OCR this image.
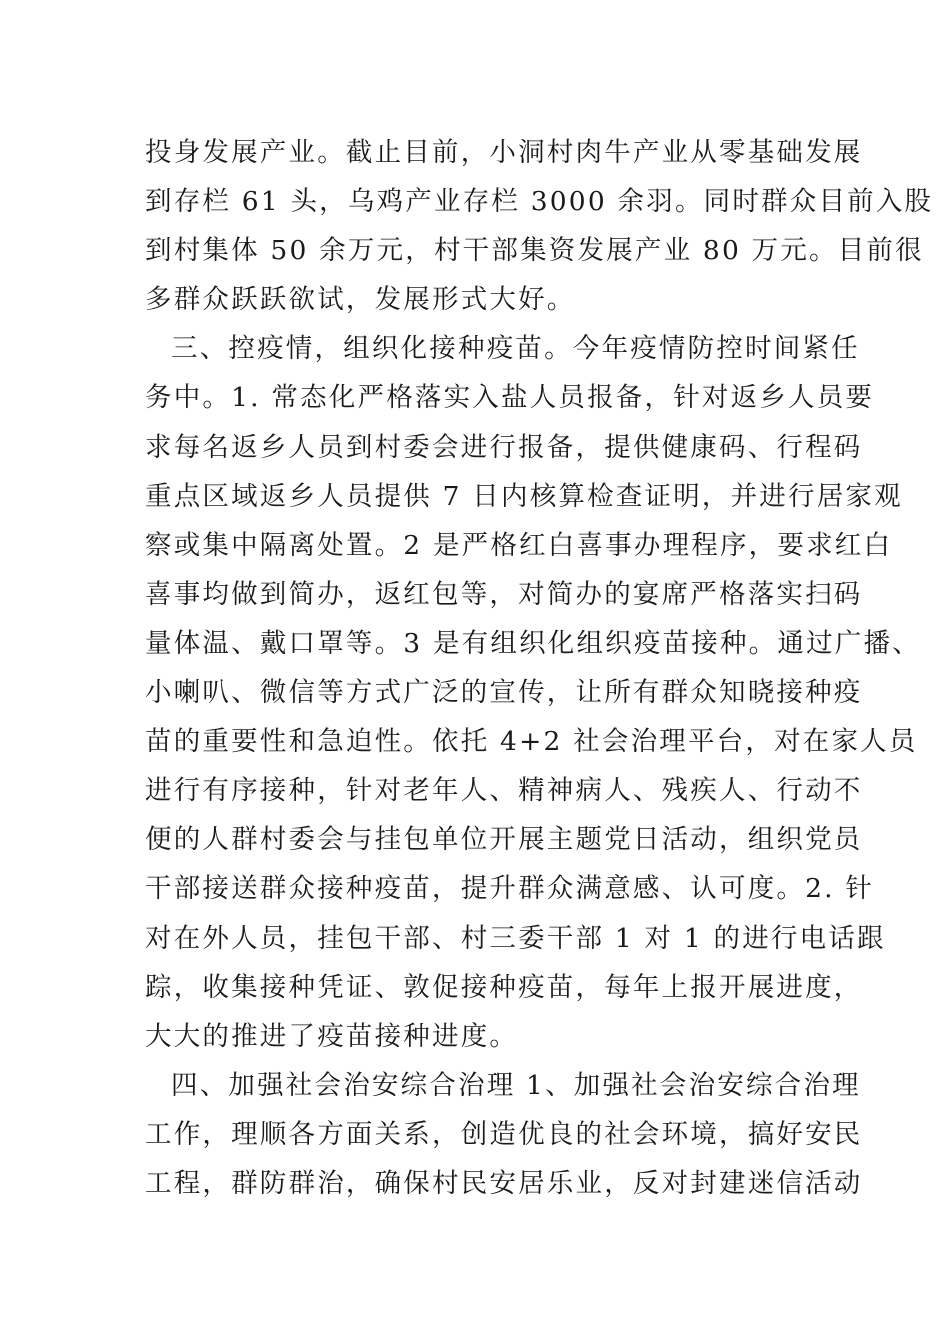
投身发展产业。截止目前，小洞村肉牛产业从零基础发展
到存栏 61 头，乌鸡产业存栏 3000 余羽。同时群众目前入股
到村集体 50 余万元，村干部集资发展产业 80 万元。目前很
多群众跃跃欲试，发展形式大好。
三、控疫情，组织化接种疫苗。今年疫情防控时间紧任
务中。1. 常态化严格落实入盐人员报备，针对返乡人员要
求每名返乡人员到村委会进行报备，提供健康码、行程码
重点区域返乡人员提供 7 日内核算检查证明，并进行居家观
察或集中隔离处置。2 是严格红白喜事办理程序，要求红白
喜事均做到简办，返红包等，对简办的宴席严格落实扫码
量体温、戴口罩等。3 是有组织化组织疫苗接种。通过广播、
小喇叭、微信等方式广泛的宣传，让所有群众知晓接种疫
苗的重要性和急迫性。依托 4+2 社会治理平台，对在家人员
进行有序接种，针对老年人、精神病人、残疾人、行动不
便的人群村委会与挂包单位开展主题党日活动，组织党员
干部接送群众接种疫苗，提升群众满意感、认可度。2. 针
对在外人员，挂包干部、村三委干部 1 对 1 的进行电话跟
踪，收集接种凭证、敦促接种疫苗，每年上报开展进度，
大大的推进了疫苗接种进度。
四、加强社会治安综合治理 1、加强社会治安综合治理
工作，理顺各方面关系，创造优良的社会环境，搞好安民
工程，群防群治，确保村民安居乐业，反对封建迷信活动
